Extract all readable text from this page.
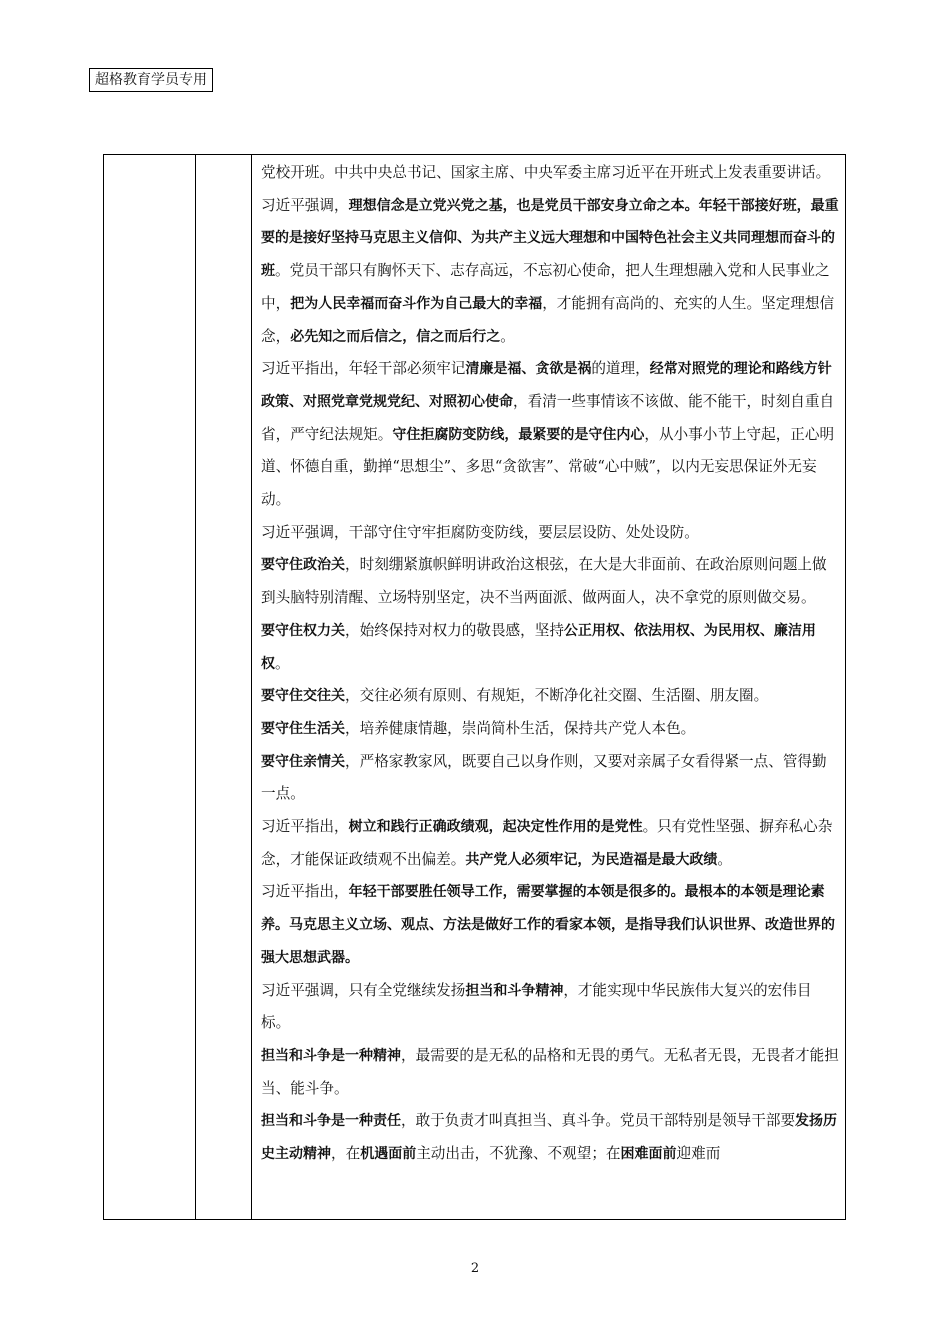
超格教育学员专用

党校开班。中共中央总书记、国家主席、中央军委主席习近平在开班式上发表重要讲话。

习近平强调，理想信念是立党兴党之基，也是党员干部安身立命之本。年轻干部接好班，最重要的是接好坚持马克思主义信仰、为共产主义远大理想和中国特色社会主义共同理想而奋斗的班。党员干部只有胸怀天下、志存高远，不忘初心使命，把人生理想融入党和人民事业之中，把为人民幸福而奋斗作为自己最大的幸福，才能拥有高尚的、充实的人生。坚定理想信念，必先知之而后信之，信之而后行之。

习近平指出，年轻干部必须牢记清廉是福、贪欲是祸的道理，经常对照党的理论和路线方针政策、对照党章党规党纪、对照初心使命，看清一些事情该不该做、能不能干，时刻自重自省，严守纪法规矩。守住拒腐防变防线，最紧要的是守住内心，从小事小节上守起，正心明道、怀德自重，勤掸“思想尘”、多思“贪欲害”、常破“心中贼”，以内无妄思保证外无妄动。

习近平强调，干部守住守牢拒腐防变防线，要层层设防、处处设防。

要守住政治关，时刻绷紧旗帜鲜明讲政治这根弦，在大是大非面前、在政治原则问题上做到头脑特别清醒、立场特别坚定，决不当两面派、做两面人，决不拿党的原则做交易。

要守住权力关，始终保持对权力的敬畏感，坚持公正用权、依法用权、为民用权、廉洁用权。

要守住交往关，交往必须有原则、有规矩，不断净化社交圈、生活圈、朋友圈。

要守住生活关，培养健康情趣，崇尚简朴生活，保持共产党人本色。

要守住亲情关，严格家教家风，既要自己以身作则，又要对亲属子女看得紧一点、管得勤一点。

习近平指出，树立和践行正确政绩观，起决定性作用的是党性。只有党性坚强、摒弃私心杂念，才能保证政绩观不出偏差。共产党人必须牢记，为民造福是最大政绩。

习近平指出，年轻干部要胜任领导工作，需要掌握的本领是很多的。最根本的本领是理论素养。马克思主义立场、观点、方法是做好工作的看家本领，是指导我们认识世界、改造世界的强大思想武器。

习近平强调，只有全党继续发扬担当和斗争精神，才能实现中华民族伟大复兴的宏伟目标。

担当和斗争是一种精神，最需要的是无私的品格和无畏的勇气。无私者无畏，无畏者才能担当、能斗争。

担当和斗争是一种责任，敢于负责才叫真担当、真斗争。党员干部特别是领导干部要发扬历史主动精神，在机遇面前主动出击，不犹豫、不观望；在困难面前迎难而

2
